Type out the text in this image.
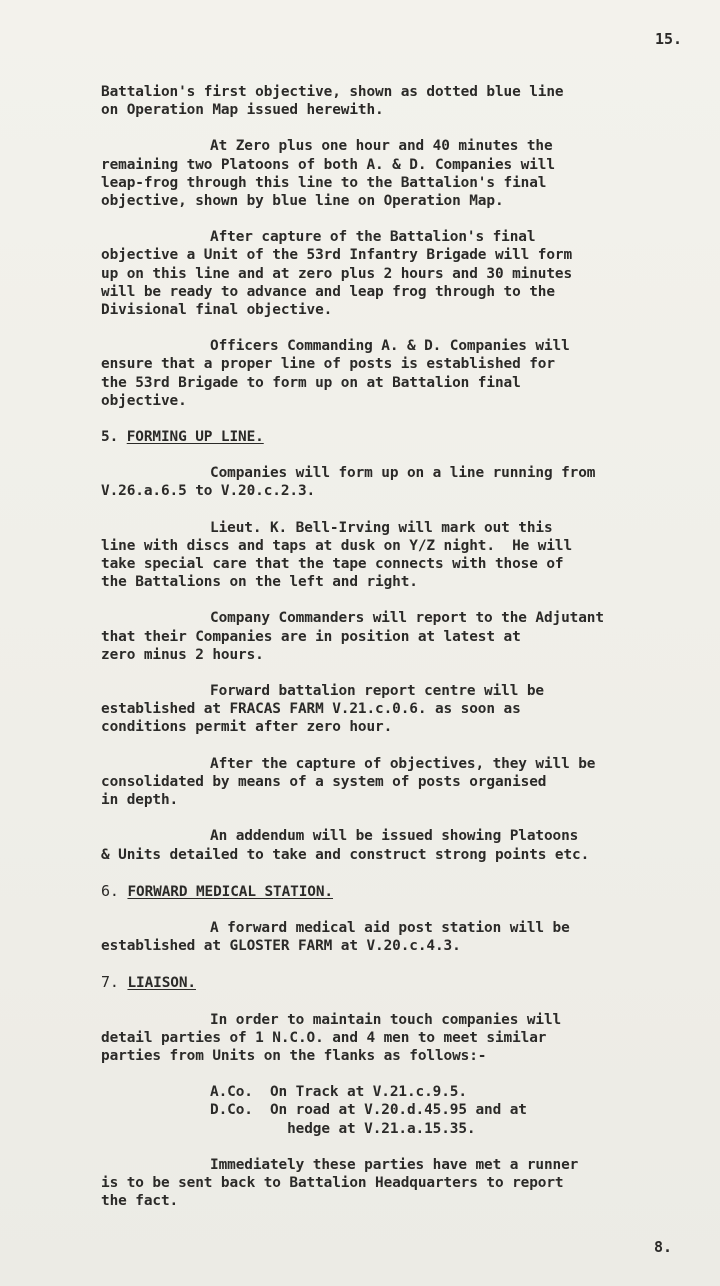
15.

Battalion's first objective, shown as dotted blue line

on Operation Map issued herewith.

At Zero plus one hour and 40 minutes the

remaining two Platoons of both A. & D. Companies will

leap-frog through this line to the Battalion's final

objective, shown by blue line on Operation Map.

After capture of the Battalion's final

objective a Unit of the 53rd Infantry Brigade will form

up on this line and at zero plus 2 hours and 30 minutes

will be ready to advance and leap frog through to the

Divisional final objective.

Officers Commanding A. & D. Companies will

ensure that a proper line of posts is established for

the 53rd Brigade to form up on at Battalion final

objective.

5. FORMING UP LINE.

Companies will form up on a line running from

V.26.a.6.5 to V.20.c.2.3.

Lieut. K. Bell-Irving will mark out this

line with discs and taps at dusk on Y/Z night.  He will

take special care that the tape connects with those of

the Battalions on the left and right.

Company Commanders will report to the Adjutant

that their Companies are in position at latest at

zero minus 2 hours.

Forward battalion report centre will be

established at FRACAS FARM V.21.c.0.6. as soon as

conditions permit after zero hour.

After the capture of objectives, they will be

consolidated by means of a system of posts organised

in depth.

An addendum will be issued showing Platoons

& Units detailed to take and construct strong points etc.

6. FORWARD MEDICAL STATION.

A forward medical aid post station will be

established at GLOSTER FARM at V.20.c.4.3.

7. LIAISON.

In order to maintain touch companies will

detail parties of 1 N.C.O. and 4 men to meet similar

parties from Units on the flanks as follows:-

A.Co.  On Track at V.21.c.9.5.

D.Co.  On road at V.20.d.45.95 and at

hedge at V.21.a.15.35.

Immediately these parties have met a runner

is to be sent back to Battalion Headquarters to report

the fact.

8.
